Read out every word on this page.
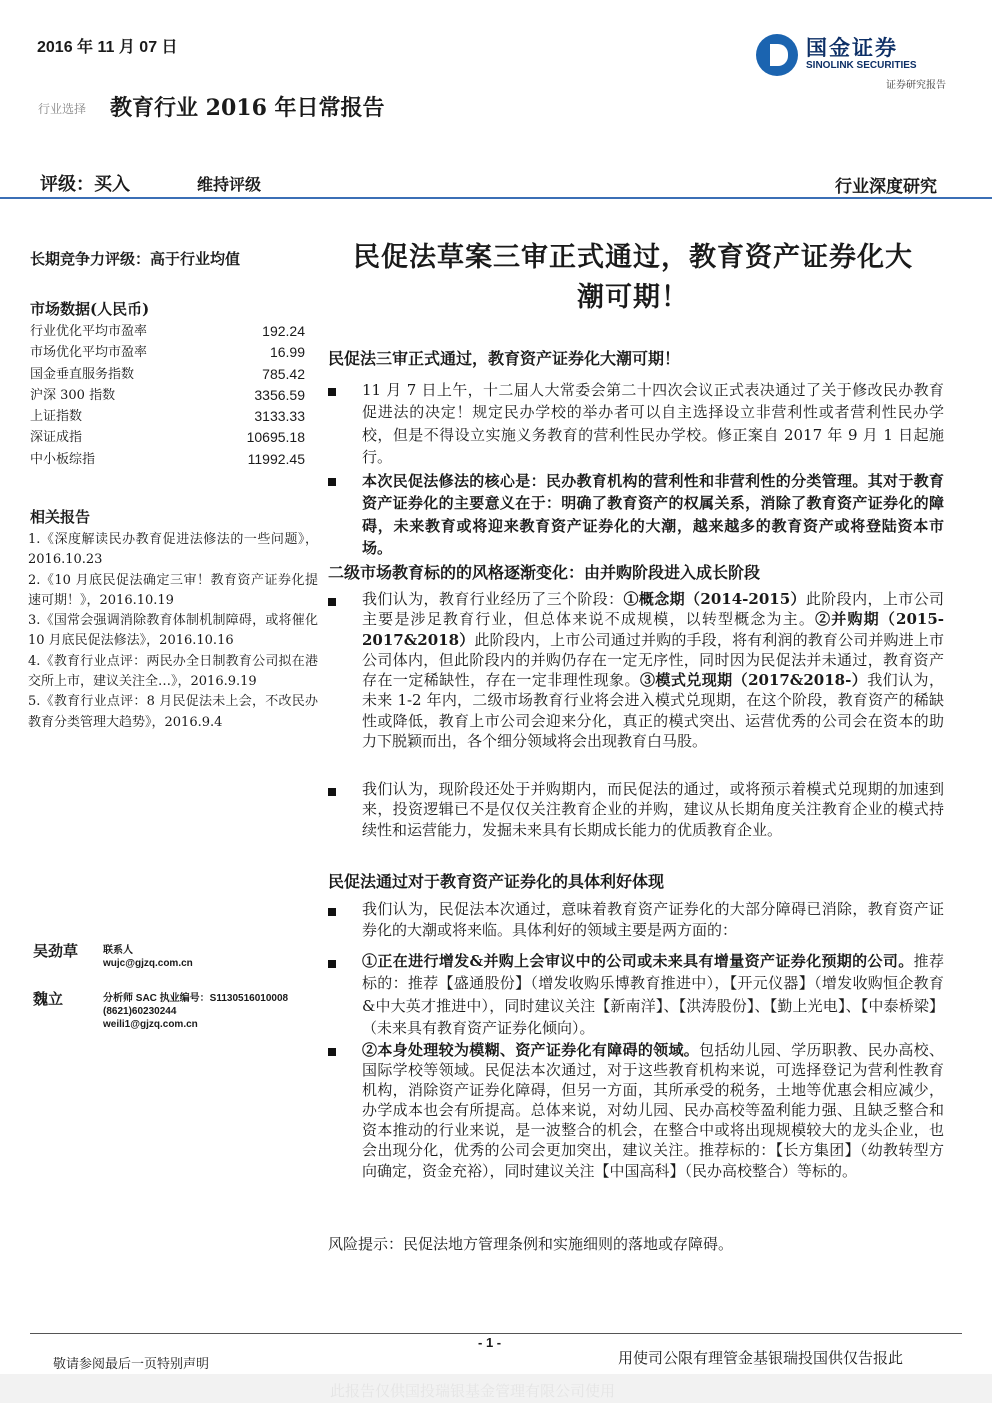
2016 年 11 月 07 日	国金证券
SINOLINK SECURITIES
证券研究报告
行业选择 教育行业 2016 年日常报告
评级：买入	维持评级	行业深度研究
长期竞争力评级：高于行业均值
市场数据(人民币)
行业优化平均市盈率	192.24
市场优化平均市盈率	16.99
国金垂直服务指数	785.42
沪深 300 指数	3356.59
上证指数	3133.33
深证成指	10695.18
中小板综指	11992.45
相关报告
1.《深度解读民办教育促进法修法的一些问题》，2016.10.23
2.《10 月底民促法确定三审！教育资产证券化提速可期！》，2016.10.19
3.《国常会强调消除教育体制机制障碍，或将催化 10 月底民促法修法》，2016.10.16
4.《教育行业点评：两民办全日制教育公司拟在港交所上市，建议关注全…》，2016.9.19
5.《教育行业点评：8 月民促法未上会，不改民办教育分类管理大趋势》，2016.9.4
吴劲草 联系人
wujc@gjzq.com.cn
魏立	分析师 SAC 执业编号：S1130516010008
(8621)60230244
weili1@gjzq.com.cn
民促法草案三审正式通过，教育资产证券化大
潮可期！
民促法三审正式通过，教育资产证券化大潮可期！
11 月 7 日上午，十二届人大常委会第二十四次会议正式表决通过了关于修改民办教育促进法的决定！规定民办学校的举办者可以自主选择设立非营利性或者营利性民办学校，但是不得设立实施义务教育的营利性民办学校。修正案自 2017 年 9 月 1 日起施行。
本次民促法修法的核心是：民办教育机构的营利性和非营利性的分类管理。其对于教育资产证券化的主要意义在于：明确了教育资产的权属关系，消除了教育资产证券化的障碍，未来教育或将迎来教育资产证券化的大潮，越来越多的教育资产或将登陆资本市场。
二级市场教育标的的风格逐渐变化：由并购阶段进入成长阶段
我们认为，教育行业经历了三个阶段：①概念期（2014-2015）此阶段内，上市公司主要是涉足教育行业，但总体来说不成规模，以转型概念为主。②并购期（2015-2017&2018）此阶段内，上市公司通过并购的手段，将有利润的教育公司并购进上市公司体内，但此阶段内的并购仍存在一定无序性，同时因为民促法并未通过，教育资产存在一定稀缺性，存在一定非理性现象。③模式兑现期（2017&2018-）我们认为，未来 1-2 年内，二级市场教育行业将会进入模式兑现期，在这个阶段，教育资产的稀缺性或降低，教育上市公司会迎来分化，真正的模式突出、运营优秀的公司会在资本的助力下脱颖而出，各个细分领域将会出现教育白马股。
我们认为，现阶段还处于并购期内，而民促法的通过，或将预示着模式兑现期的加速到来，投资逻辑已不是仅仅关注教育企业的并购，建议从长期角度关注教育企业的模式持续性和运营能力，发掘未来具有长期成长能力的优质教育企业。
民促法通过对于教育资产证券化的具体利好体现
我们认为，民促法本次通过，意味着教育资产证券化的大部分障碍已消除，教育资产证券化的大潮或将来临。具体利好的领域主要是两方面的：
①正在进行增发&并购上会审议中的公司或未来具有增量资产证券化预期的公司。推荐标的：推荐【盛通股份】（增发收购乐博教育推进中），【开元仪器】（增发收购恒企教育&中大英才推进中），同时建议关注【新南洋】、【洪涛股份】、【勤上光电】、【中泰桥梁】（未来具有教育资产证券化倾向）。
②本身处理较为模糊、资产证券化有障碍的领域。包括幼儿园、学历职教、民办高校、国际学校等领域。民促法本次通过，对于这些教育机构来说，可选择登记为营利性教育机构，消除资产证券化障碍，但另一方面，其所承受的税务，土地等优惠会相应减少，办学成本也会有所提高。总体来说，对幼儿园、民办高校等盈利能力强、且缺乏整合和资本推动的行业来说，是一波整合的机会，在整合中或将出现规模较大的龙头企业，也会出现分化，优秀的公司会更加突出，建议关注。推荐标的：【长方集团】（幼教转型方向确定，资金充裕），同时建议关注【中国高科】（民办高校整合）等标的。
风险提示：民促法地方管理条例和实施细则的落地或存障碍。
- 1 -
敬请参阅最后一页特别声明	用使司公限有理管金基银瑞投国供仅告报此
此报告仅供国投瑞银基金管理有限公司使用
